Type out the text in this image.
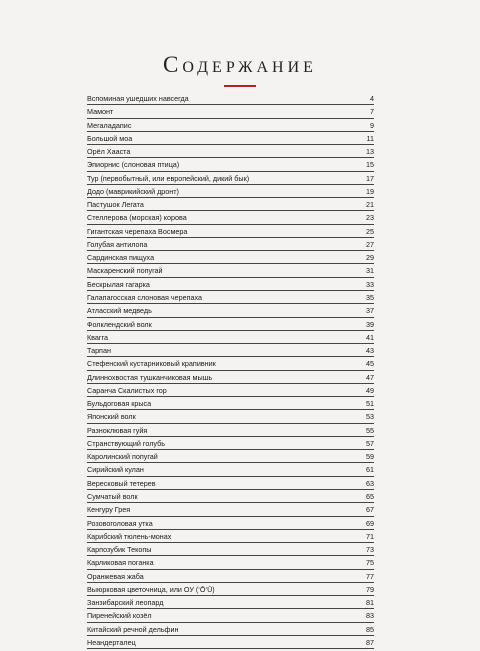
Содержание
Вспоминая ушедших навсегда	4
Мамонт	7
Мегаладапис	9
Большой моа	11
Орёл Хааста	13
Эпиорнис (слоновая птица)	15
Тур (первобытный, или европейский, дикий бык)	17
Додо (маврикийский дронт)	19
Пастушок Легата	21
Стеллерова (морская) корова	23
Гигантская черепаха Восмера	25
Голубая антилопа	27
Сардинская пищуха	29
Маскаренский попугай	31
Бескрылая гагарка	33
Галапагосская слоновая черепаха	35
Атласский медведь	37
Фолклендский волк	39
Квагга	41
Тарпан	43
Стефенский кустарниковый крапивник	45
Длиннохвостая тушканчиковая мышь	47
Саранча Скалистых гор	49
Бульдоговая крыса	51
Японский волк	53
Разноклювая гуйя	55
Странствующий голубь	57
Каролинский попугай	59
Сирийский кулан	61
Вересковый тетерев	63
Сумчатый волк	65
Кенгуру Грея	67
Розовоголовая утка	69
Карибский тюлень-монах	71
Карпозубик Текопы	73
Карликовая поганка	75
Оранжевая жаба	77
Выюрковая цветочница, или ОУ (‘Ō‘Ū)	79
Занзибарский леопард	81
Пиренейский козёл	83
Китайский речной дельфин	85
Неандерталец	87
